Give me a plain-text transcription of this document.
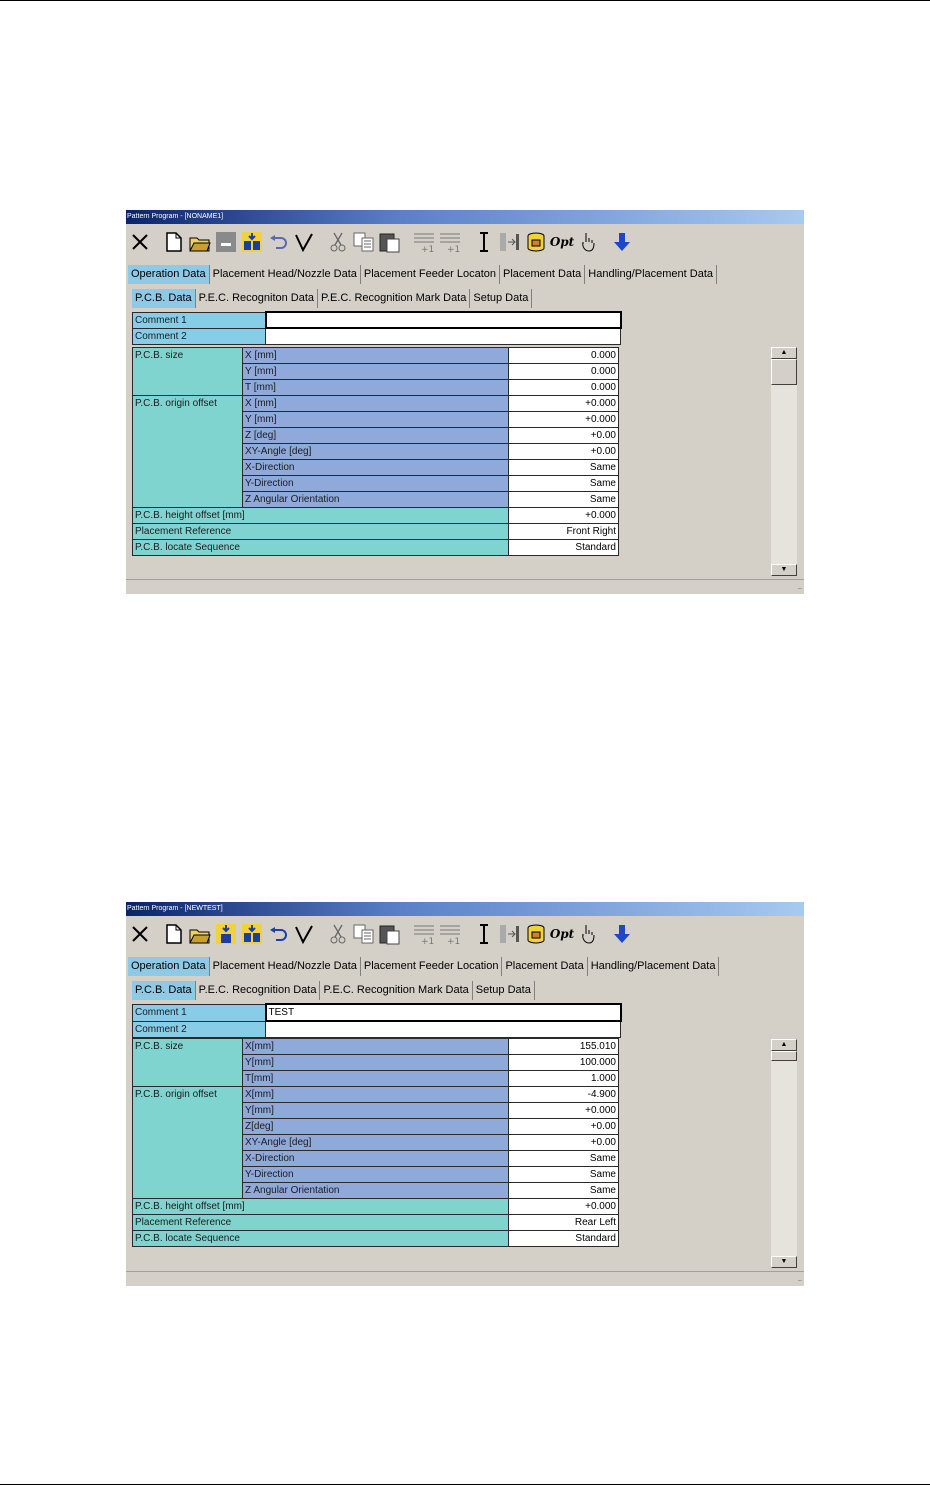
Pattern Program - [NONAME1]
+1 +1
Opt
Operation Data Placement Head/Nozzle Data Placement Feeder Locaton Placement Data Handling/Placement Data
P.C.B. Data P.E.C. Recogniton Data P.E.C. Recognition Mark Data Setup Data
Comment 1	
Comment 2	
P.C.B. size	X [mm]	0.000
	Y [mm]	0.000
	T [mm]	0.000
P.C.B. origin offset	X [mm]	+0.000
	Y [mm]	+0.000
	Z [deg]	+0.00
	XY-Angle [deg]	+0.00
	X-Direction	Same
	Y-Direction	Same
	Z Angular Orientation	Same
P.C.B. height offset [mm]		+0.000
Placement Reference		Front Right
P.C.B. locate Sequence		Standard
▲
▼
−
Pattern Program - [NEWTEST]
+1 +1
Opt
Operation Data Placement Head/Nozzle Data Placement Feeder Location Placement Data Handling/Placement Data
P.C.B. Data P.E.C. Recognition Data P.E.C. Recognition Mark Data Setup Data
Comment 1	TEST
Comment 2	
P.C.B. size	X[mm]	155.010
	Y[mm]	100.000
	T[mm]	1.000
P.C.B. origin offset	X[mm]	-4.900
	Y[mm]	+0.000
	Z[deg]	+0.00
	XY-Angle [deg]	+0.00
	X-Direction	Same
	Y-Direction	Same
	Z Angular Orientation	Same
P.C.B. height offset [mm]		+0.000
Placement Reference		Rear Left
P.C.B. locate Sequence		Standard
▲
▼
−
